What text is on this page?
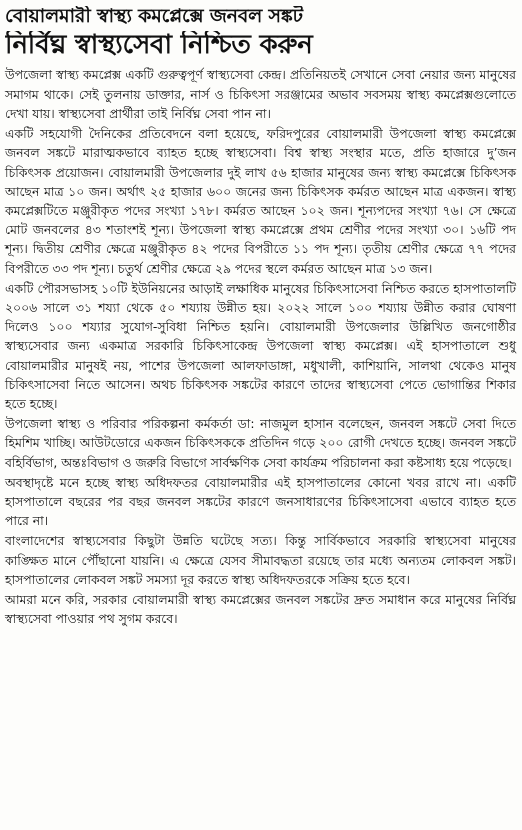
বোয়ালমারী স্বাস্থ্য কমপ্লেক্সে জনবল সঙ্কট
নির্বিঘ্ন স্বাস্থ্যসেবা নিশ্চিত করুন

উপজেলা স্বাস্থ্য কমপ্লেক্স একটি গুরুত্বপূর্ণ স্বাস্থ্যসেবা কেন্দ্র। প্রতিনিয়তই সেখানে সেবা নেয়ার জন্য মানুষের সমাগম থাকে। সেই তুলনায় ডাক্তার, নার্স ও চিকিৎসা সরঞ্জামের অভাব সবসময় স্বাস্থ্য কমপ্লেক্সগুলোতে দেখা যায়। স্বাস্থ্যসেবা প্রার্থীরা তাই নির্বিঘ্ন সেবা পান না।

একটি সহযোগী দৈনিকের প্রতিবেদনে বলা হয়েছে, ফরিদপুরের বোয়ালমারী উপজেলা স্বাস্থ্য কমপ্লেক্সে জনবল সঙ্কটে মারাত্মকভাবে ব্যাহত হচ্ছে স্বাস্থ্যসেবা। বিশ্ব স্বাস্থ্য সংস্থার মতে, প্রতি হাজারে দু’জন চিকিৎসক প্রয়োজন। বোয়ালমারী উপজেলার দুই লাখ ৫৬ হাজার মানুষের জন্য স্বাস্থ্য কমপ্লেক্সে চিকিৎসক আছেন মাত্র ১০ জন। অর্থাৎ ২৫ হাজার ৬০০ জনের জন্য চিকিৎসক কর্মরত আছেন মাত্র একজন। স্বাস্থ্য কমপ্লেক্সটিতে মঞ্জুরীকৃত পদের সংখ্যা ১৭৮। কর্মরত আছেন ১০২ জন। শূন্যপদের সংখ্যা ৭৬। সে ক্ষেত্রে মোট জনবলের ৪৩ শতাংশই শূন্য। উপজেলা স্বাস্থ্য কমপ্লেক্সে প্রথম শ্রেণীর পদের সংখ্যা ৩০। ১৬টি পদ শূন্য। দ্বিতীয় শ্রেণীর ক্ষেত্রে মঞ্জুরীকৃত ৪২ পদের বিপরীতে ১১ পদ শূন্য। তৃতীয় শ্রেণীর ক্ষেত্রে ৭৭ পদের বিপরীতে ৩৩ পদ শূন্য। চতুর্থ শ্রেণীর ক্ষেত্রে ২৯ পদের স্থলে কর্মরত আছেন মাত্র ১৩ জন।

একটি পৌরসভাসহ ১০টি ইউনিয়নের আড়াই লক্ষাধিক মানুষের চিকিৎসাসেবা নিশ্চিত করতে হাসপাতালটি ২০০৬ সালে ৩১ শয্যা থেকে ৫০ শয্যায় উন্নীত হয়। ২০২২ সালে ১০০ শয্যায় উন্নীত করার ঘোষণা দিলেও ১০০ শয্যার সুযোগ-সুবিধা নিশ্চিত হয়নি। বোয়ালমারী উপজেলার উল্লিখিত জনগোষ্ঠীর স্বাস্থ্যসেবার জন্য একমাত্র সরকারি চিকিৎসাকেন্দ্র উপজেলা স্বাস্থ্য কমপ্লেক্স। এই হাসপাতালে শুধু বোয়ালমারীর মানুষই নয়, পাশের উপজেলা আলফাডাঙ্গা, মধুখালী, কাশিয়ানি, সালথা থেকেও মানুষ চিকিৎসাসেবা নিতে আসেন। অথচ চিকিৎসক সঙ্কটের কারণে তাদের স্বাস্থ্যসেবা পেতে ভোগান্তির শিকার হতে হচ্ছে।

উপজেলা স্বাস্থ্য ও পরিবার পরিকল্পনা কর্মকর্তা ডা: নাজমুল হাসান বলেছেন, জনবল সঙ্কটে সেবা দিতে হিমশিম খাচ্ছি। আউটডোরে একজন চিকিৎসককে প্রতিদিন গড়ে ২০০ রোগী দেখতে হচ্ছে। জনবল সঙ্কটে বহির্বিভাগ, অন্তঃবিভাগ ও জরুরি বিভাগে সার্বক্ষণিক সেবা কার্যক্রম পরিচালনা করা কষ্টসাধ্য হয়ে পড়েছে।

অবস্থাদৃষ্টে মনে হচ্ছে স্বাস্থ্য অধিদফতর বোয়ালমারীর এই হাসপাতালের কোনো খবর রাখে না। একটি হাসপাতালে বছরের পর বছর জনবল সঙ্কটের কারণে জনসাধারণের চিকিৎসাসেবা এভাবে ব্যাহত হতে পারে না।

বাংলাদেশের স্বাস্থ্যসেবার কিছুটা উন্নতি ঘটেছে সত্য। কিন্তু সার্বিকভাবে সরকারি স্বাস্থ্যসেবা মানুষের কাঙ্ক্ষিত মানে পৌঁছানো যায়নি। এ ক্ষেত্রে যেসব সীমাবদ্ধতা রয়েছে তার মধ্যে অন্যতম লোকবল সঙ্কট। হাসপাতালের লোকবল সঙ্কট সমস্যা দূর করতে স্বাস্থ্য অধিদফতরকে সক্রিয় হতে হবে।

আমরা মনে করি, সরকার বোয়ালমারী স্বাস্থ্য কমপ্লেক্সের জনবল সঙ্কটের দ্রুত সমাধান করে মানুষের নির্বিঘ্ন স্বাস্থ্যসেবা পাওয়ার পথ সুগম করবে।
